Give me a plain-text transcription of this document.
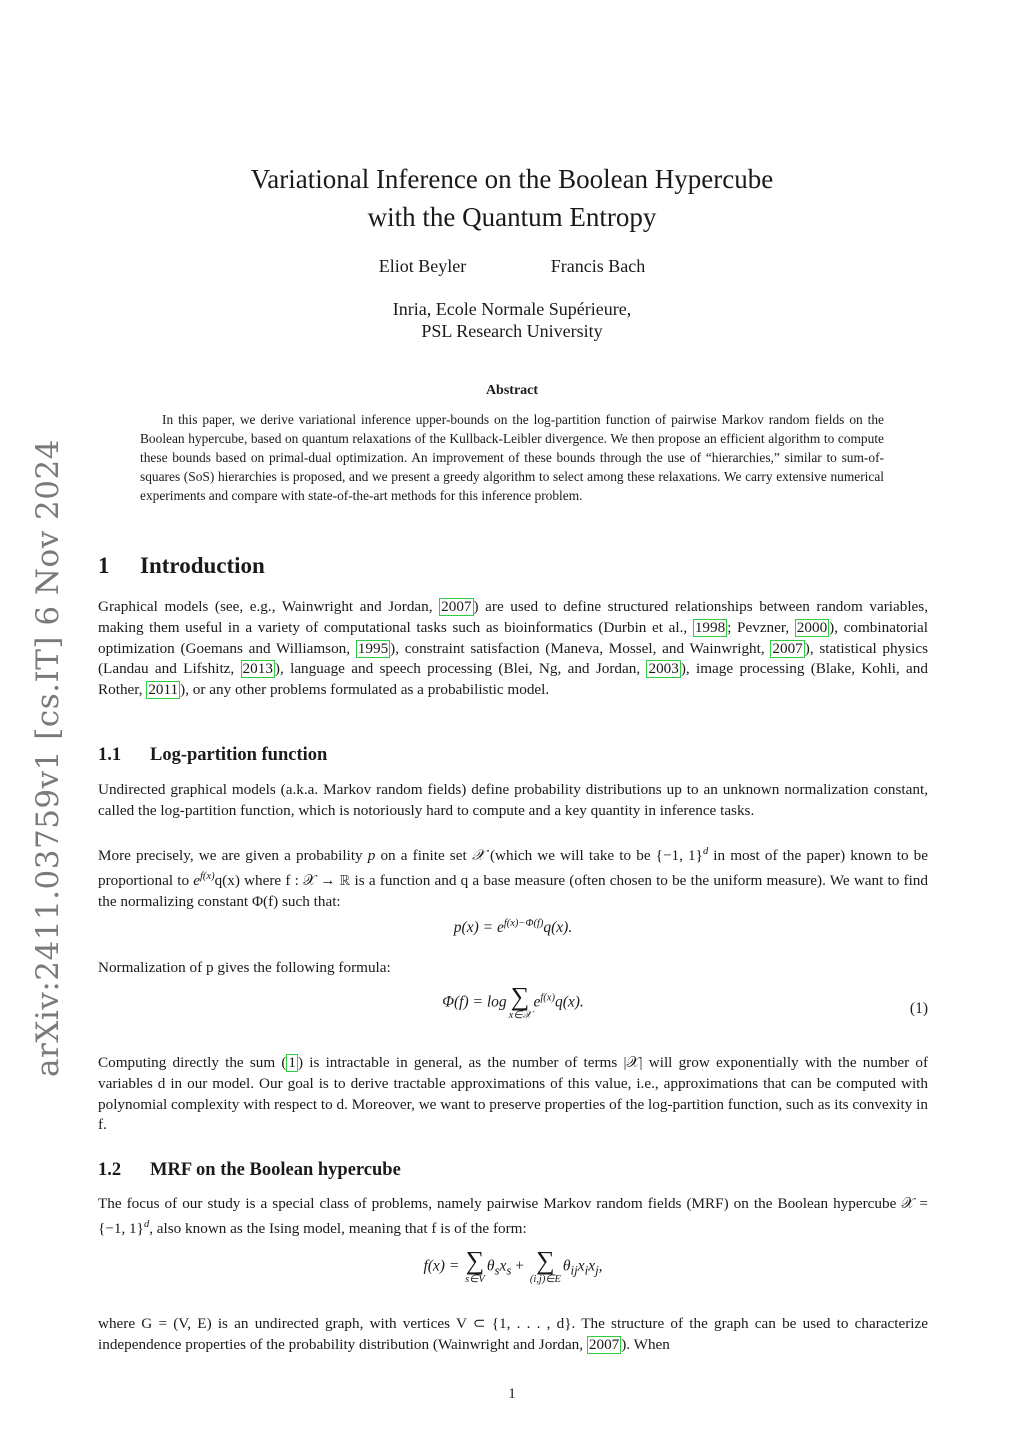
arXiv:2411.03759v1 [cs.IT] 6 Nov 2024
Variational Inference on the Boolean Hypercube
with the Quantum Entropy
Eliot Beyler	Francis Bach
Inria, Ecole Normale Supérieure,
PSL Research University
Abstract
In this paper, we derive variational inference upper-bounds on the log-partition function of pairwise Markov random fields on the Boolean hypercube, based on quantum relaxations of the Kullback-Leibler divergence. We then propose an efficient algorithm to compute these bounds based on primal-dual optimization. An improvement of these bounds through the use of “hierarchies,” similar to sum-of-squares (SoS) hierarchies is proposed, and we present a greedy algorithm to select among these relaxations. We carry extensive numerical experiments and compare with state-of-the-art methods for this inference problem.
1 Introduction
Graphical models (see, e.g., Wainwright and Jordan, 2007 ) are used to define structured relationships between random variables, making them useful in a variety of computational tasks such as bioinformatics (Durbin et al., 1998 ; Pevzner, 2000 ), combinatorial optimization (Goemans and Williamson, 1995 ), constraint satisfaction (Maneva, Mossel, and Wainwright, 2007 ), statistical physics (Landau and Lifshitz, 2013 ), language and speech processing (Blei, Ng, and Jordan, 2003 ), image processing (Blake, Kohli, and Rother, 2011 ), or any other problems formulated as a probabilistic model.
1.1 Log-partition function
Undirected graphical models (a.k.a. Markov random fields) define probability distributions up to an unknown normalization constant, called the log-partition function, which is notoriously hard to compute and a key quantity in inference tasks.
More precisely, we are given a probability p on a finite set 𝒳 (which we will take to be {−1, 1}$^d$ in most of the paper) known to be proportional to $e^{f(x)}q(x)$ where f : 𝒳 → ℝ is a function and q a base measure (often chosen to be the uniform measure). We want to find the normalizing constant Φ(f) such that:
$p(x) = e^{f(x)-\Phi(f)}q(x)$.
Normalization of p gives the following formula:
Φ(f) = log ∑
x∈𝒳
$e^{f(x)}q(x)$.	(1)
Computing directly the sum ( 1 ) is intractable in general, as the number of terms |𝒳| will grow exponentially with the number of variables d in our model. Our goal is to derive tractable approximations of this value, i.e., approximations that can be computed with polynomial complexity with respect to d. Moreover, we want to preserve properties of the log-partition function, such as its convexity in f.
1.2 MRF on the Boolean hypercube
The focus of our study is a special class of problems, namely pairwise Markov random fields (MRF) on the Boolean hypercube 𝒳 = {−1, 1}$^d$, also known as the Ising model, meaning that f is of the form:
f(x) = ∑
s∈V
$\theta_sx_s$ + ∑
(i,j)∈E
$\theta_{ij}x_ix_j$,
where G = (V, E) is an undirected graph, with vertices V ⊂ {1, . . . , d}. The structure of the graph can be used to characterize independence properties of the probability distribution (Wainwright and Jordan, 2007 ). When
1
